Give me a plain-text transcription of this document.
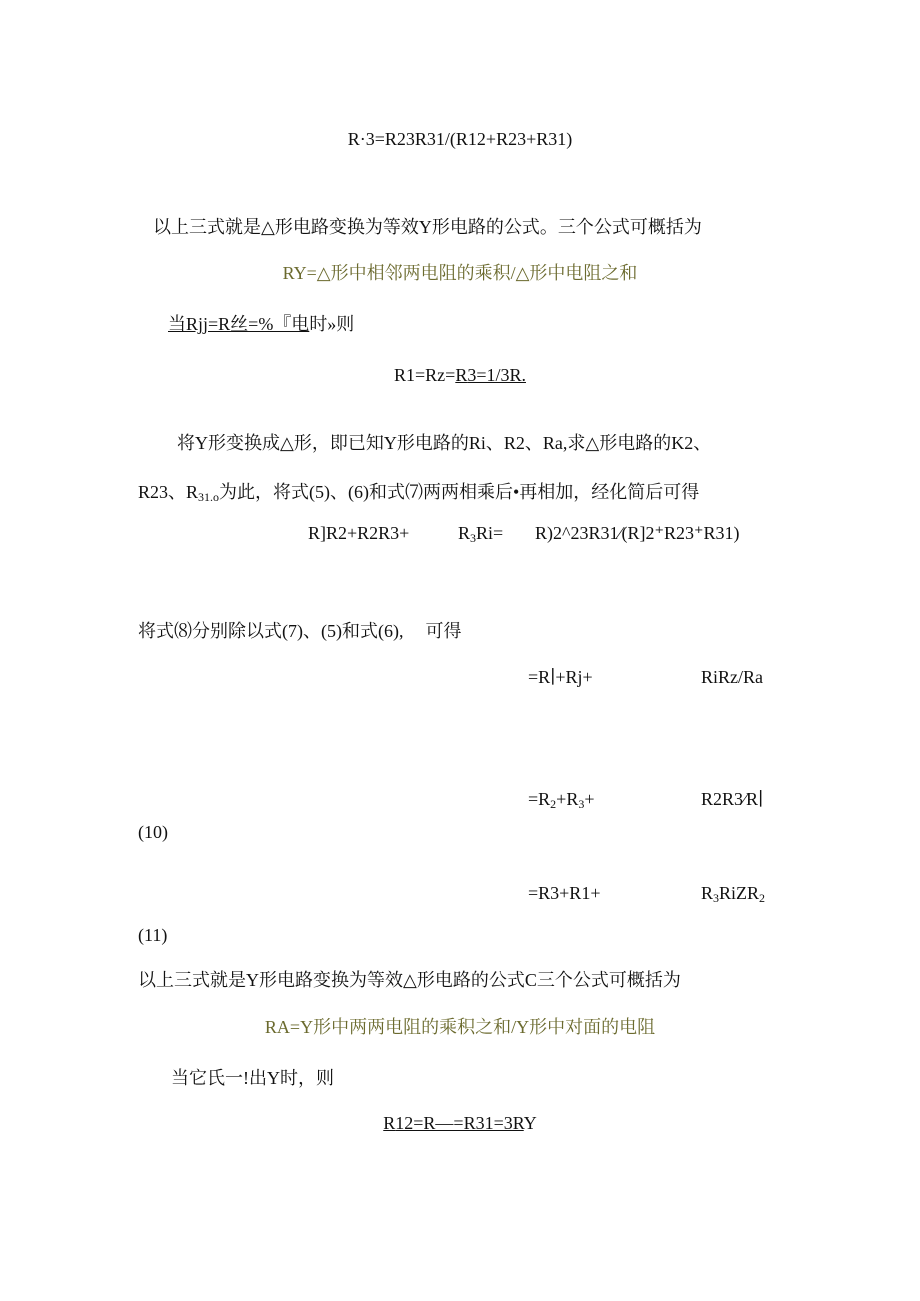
R·3=R23R31/(R12+R23+R31)
以上三式就是△形电路变换为等效Y形电路的公式。三个公式可概括为
RY=△形中相邻两电阻的乘积/△形中电阻之和
当Rjj=R丝=%『电时»则
R1=Rz=R3=1/3R.
将Y形变换成△形，即已知Y形电路的Ri、R2、Ra,求△形电路的K2、
R23、$R_{31.o}$为此，将式(5)、(6)和式⑺两两相乘后•再相加，经化简后可得
R]R2+R2R3+	$R_3Ri=$ R)2^23R31⁄(R]2⁺R23⁺R31)
将式⑻分别除以式(7)、(5)和式(6), 可得
=R∣+Rj+	RiRz/Ra
$=R_2+R_3+$	R2R3⁄R∣
(10)
=R3+R1+	$R_3RiZR_2$
(11)
以上三式就是Y形电路变换为等效△形电路的公式C三个公式可概括为
RA=Y形中两两电阻的乘积之和/Y形中对面的电阻
当它氏一!出Y时，则
R12=R—=R31=3RY
